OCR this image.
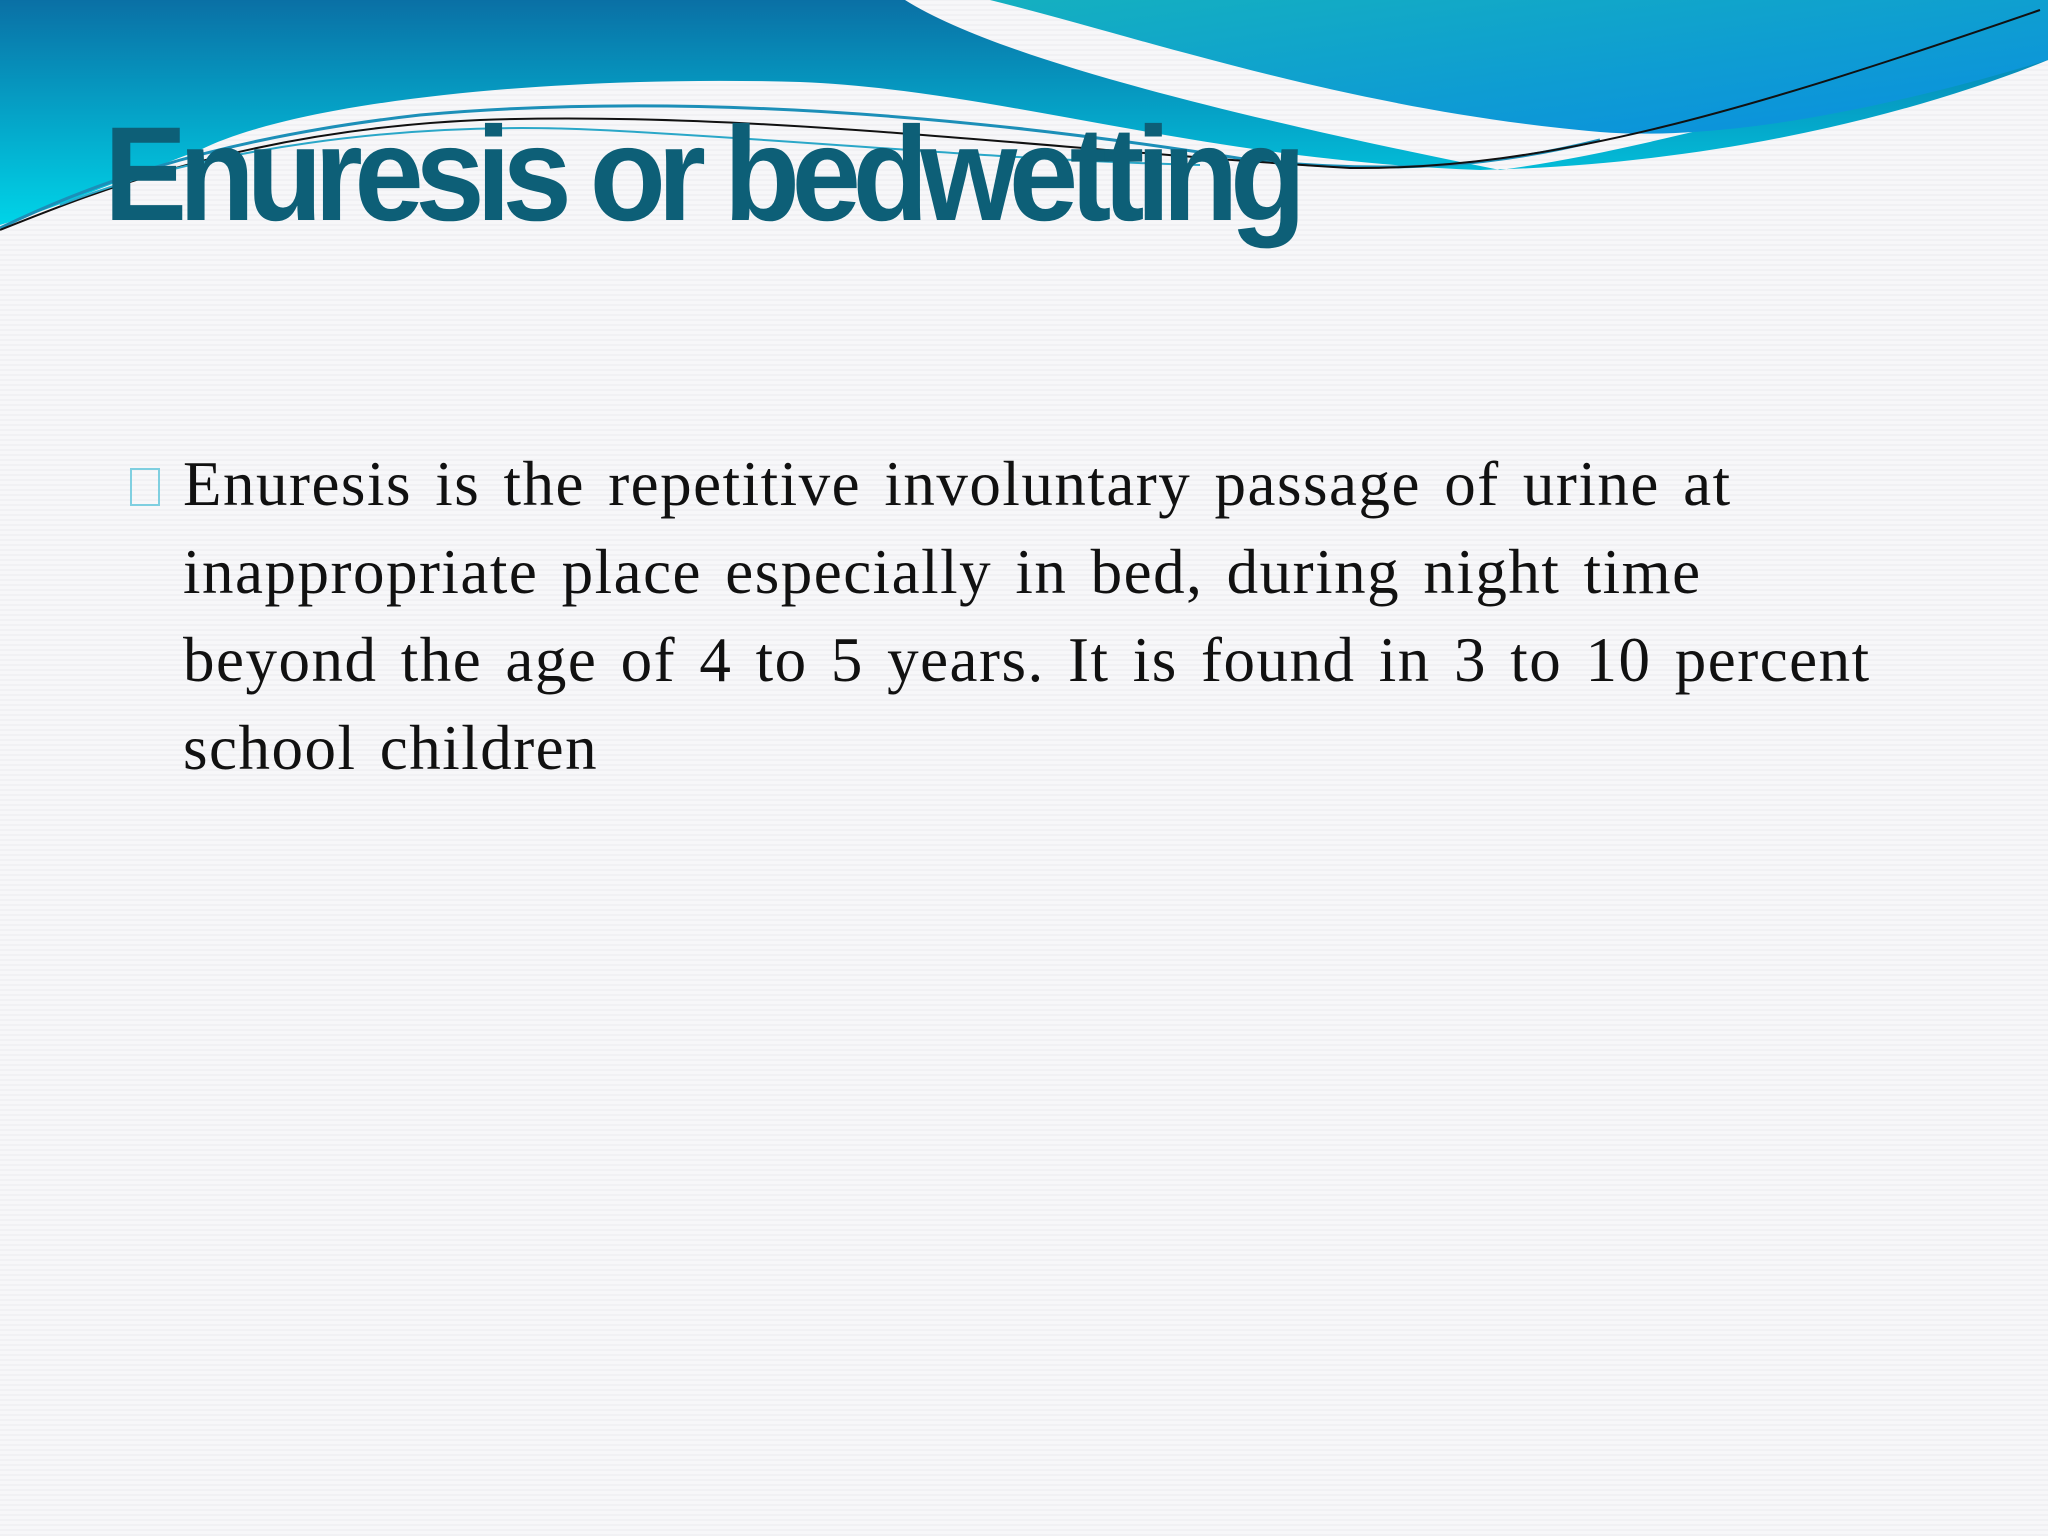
Enuresis or bedwetting
Enuresis is the repetitive involuntary passage of urine at inappropriate place especially in bed, during night time beyond the age of 4 to 5 years. It is found in 3 to 10 percent school children
